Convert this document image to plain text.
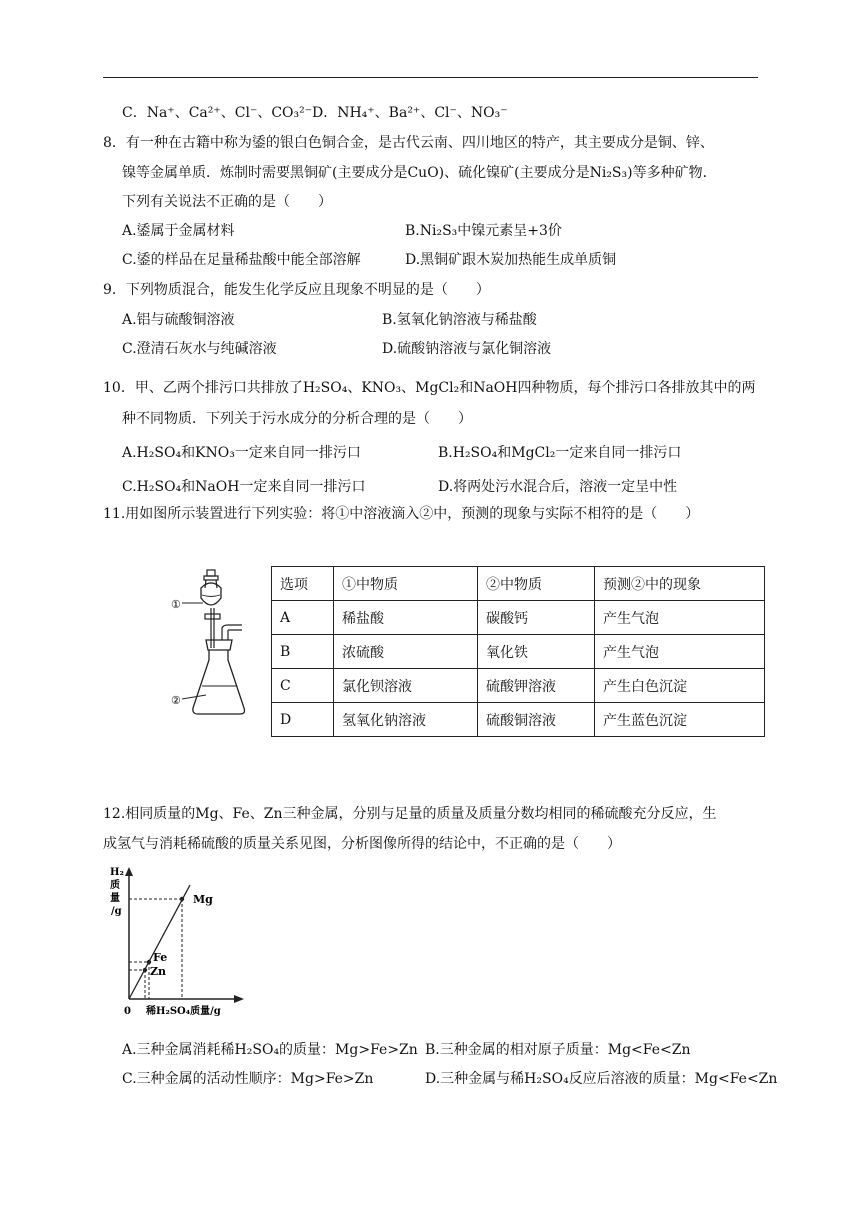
C．Na⁺、Ca²⁺、Cl⁻、CO₃²⁻ D．NH₄⁺、Ba²⁺、Cl⁻、NO₃⁻
8．有一种在古籍中称为鋈的银白色铜合金，是古代云南、四川地区的特产，其主要成分是铜、锌、
镍等金属单质．炼制时需要黑铜矿(主要成分是CuO)、硫化镍矿(主要成分是Ni₂S₃)等多种矿物．
下列有关说法不正确的是（　　）
A.鋈属于金属材料	B.Ni₂S₃中镍元素呈+3价
C.鋈的样品在足量稀盐酸中能全部溶解	D.黑铜矿跟木炭加热能生成单质铜
9．下列物质混合，能发生化学反应且现象不明显的是（　　）
A.铝与硫酸铜溶液	B.氢氧化钠溶液与稀盐酸
C.澄清石灰水与纯碱溶液	D.硫酸钠溶液与氯化铜溶液
10．甲、乙两个排污口共排放了H₂SO₄、KNO₃、MgCl₂和NaOH四种物质，每个排污口各排放其中的两
种不同物质．下列关于污水成分的分析合理的是（　　）
A.H₂SO₄和KNO₃一定来自同一排污口	B.H₂SO₄和MgCl₂一定来自同一排污口
C.H₂SO₄和NaOH一定来自同一排污口	D.将两处污水混合后，溶液一定呈中性
11.用如图所示装置进行下列实验：将①中溶液滴入②中，预测的现象与实际不相符的是（　　）
①
②
选项	①中物质	②中物质	预测②中的现象
A	稀盐酸	碳酸钙	产生气泡
B	浓硫酸	氧化铁	产生气泡
C	氯化钡溶液	硫酸钾溶液	产生白色沉淀
D	氢氧化钠溶液	硫酸铜溶液	产生蓝色沉淀
12.相同质量的Mg、Fe、Zn三种金属，分别与足量的质量及质量分数均相同的稀硫酸充分反应，生
成氢气与消耗稀硫酸的质量关系见图，分析图像所得的结论中，不正确的是（　　）
H₂
质
量
/g
Mg
Fe
Zn
0 稀H₂SO₄质量/g
A.三种金属消耗稀H₂SO₄的质量：Mg>Fe>Zn B.三种金属的相对原子质量：Mg<Fe<Zn
C.三种金属的活动性顺序：Mg>Fe>Zn	D.三种金属与稀H₂SO₄反应后溶液的质量：Mg<Fe<Zn
